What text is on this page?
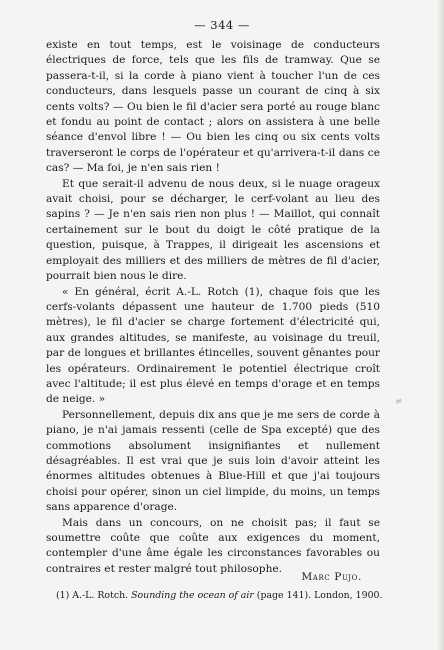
— 344 —

existe en tout temps, est le voisinage de conducteurs électriques de force, tels que les fils de tramway. Que se passera-t-il, si la corde à piano vient à toucher l'un de ces conducteurs, dans lesquels passe un courant de cinq à six cents volts? — Ou bien le fil d'acier sera porté au rouge blanc et fondu au point de contact ; alors on assistera à une belle séance d'envol libre ! — Ou bien les cinq ou six cents volts traverseront le corps de l'opérateur et qu'arrivera-t-il dans ce cas? — Ma foi, je n'en sais rien !

Et que serait-il advenu de nous deux, si le nuage orageux avait choisi, pour se décharger, le cerf-volant au lieu des sapins ? — Je n'en sais rien non plus ! — Maillot, qui connaît certainement sur le bout du doigt le côté pratique de la question, puisque, à Trappes, il dirigeait les ascensions et employait des milliers et des milliers de mètres de fil d'acier, pourrait bien nous le dire.

« En général, écrit A.-L. Rotch (1), chaque fois que les cerfs-volants dépassent une hauteur de 1.700 pieds (510 mètres), le fil d'acier se charge fortement d'électricité qui, aux grandes altitudes, se manifeste, au voisinage du treuil, par de longues et brillantes étincelles, souvent gênantes pour les opérateurs. Ordinairement le potentiel électrique croît avec l'altitude; il est plus élevé en temps d'orage et en temps de neige. »

Personnellement, depuis dix ans que je me sers de corde à piano, je n'ai jamais ressenti (celle de Spa excepté) que des commotions absolument insignifiantes et nullement désagréables. Il est vrai que je suis loin d'avoir atteint les énormes altitudes obtenues à Blue-Hill et que j'ai toujours choisi pour opérer, sinon un ciel limpide, du moins, un temps sans apparence d'orage.

Mais dans un concours, on ne choisit pas; il faut se soumettre coûte que coûte aux exigences du moment, contempler d'une âme égale les circonstances favorables ou contraires et rester malgré tout philosophe.

Marc Pujo.
(1) A.-L. Rotch. Sounding the ocean of air (page 141). London, 1900.
≠
